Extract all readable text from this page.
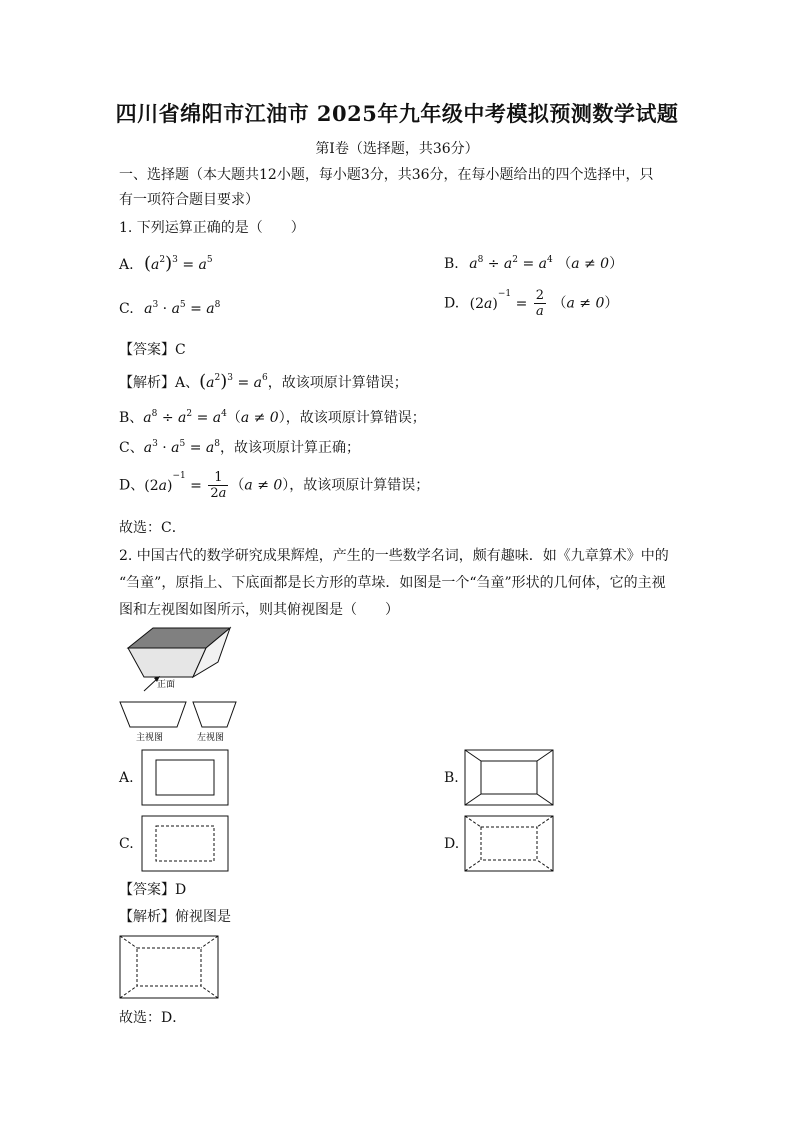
四川省绵阳市江油市 2025年九年级中考模拟预测数学试题
第Ⅰ卷（选择题，共36分）
一、选择题（本大题共12小题，每小题3分，共36分，在每小题给出的四个选择中，只
有一项符合题目要求）
1. 下列运算正确的是（　　）
A. $(a^2)^3 = a^5$	B. $a^8 \div a^2 = a^4$ （a ≠ 0）
C. $a^3 \cdot a^5 = a^8$	D. $(2a)^{-1} = \frac{2}{a} (a \ne 0)$
【答案】C
【解析】A、$(a^2)^3 = a^6$，故该项原计算错误；
B、$a^8 \div a^2 = a^4(a \ne 0)$，故该项原计算错误；
C、$a^3 \cdot a^5 = a^8$，故该项原计算正确；
D、$(2a)^{-1} = \frac{1}{2a} (a \ne 0)$，故该项原计算错误；
故选：C．
2. 中国古代的数学研究成果辉煌，产生的一些数学名词，颇有趣味．如《九章算术》中的
“刍童”，原指上、下底面都是长方形的草垛．如图是一个“刍童”形状的几何体，它的主视
图和左视图如图所示，则其俯视图是（　　）
正面
主视图	左视图
A.	B.
C.	D.
【答案】D
【解析】俯视图是
故选：D．
